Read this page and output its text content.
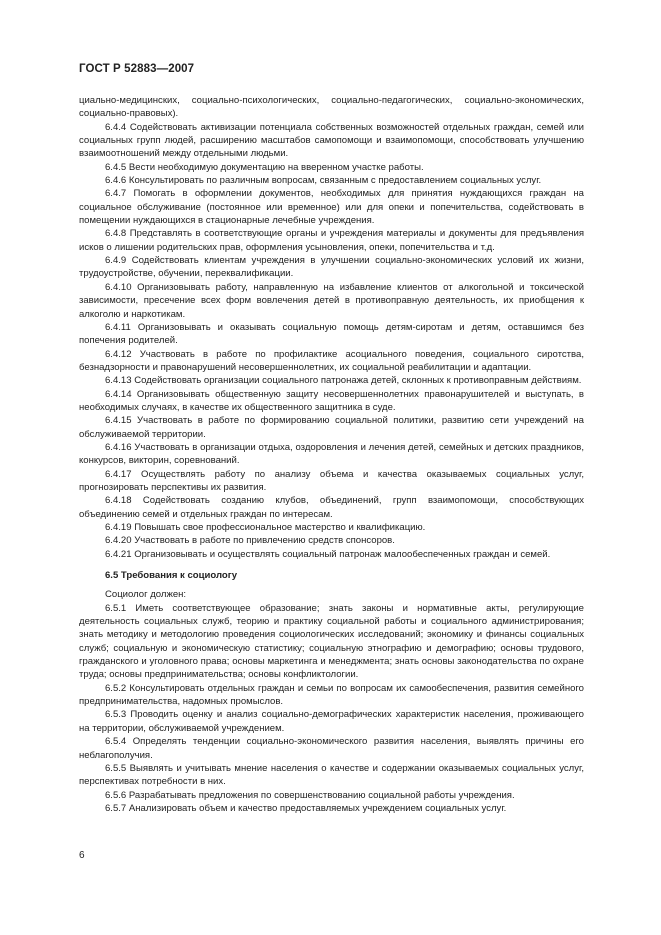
ГОСТ Р 52883—2007

циально-медицинских, социально-психологических, социально-педагогических, социально-экономических, социально-правовых).

6.4.4 Содействовать активизации потенциала собственных возможностей отдельных граждан, семей или социальных групп людей, расширению масштабов самопомощи и взаимопомощи, способствовать улучшению взаимоотношений между отдельными людьми.

6.4.5 Вести необходимую документацию на вверенном участке работы.

6.4.6 Консультировать по различным вопросам, связанным с предоставлением социальных услуг.

6.4.7 Помогать в оформлении документов, необходимых для принятия нуждающихся граждан на социальное обслуживание (постоянное или временное) или для опеки и попечительства, содействовать в помещении нуждающихся в стационарные лечебные учреждения.

6.4.8 Представлять в соответствующие органы и учреждения материалы и документы для предъявления исков о лишении родительских прав, оформления усыновления, опеки, попечительства и т.д.

6.4.9 Содействовать клиентам учреждения в улучшении социально-экономических условий их жизни, трудоустройстве, обучении, переквалификации.

6.4.10 Организовывать работу, направленную на избавление клиентов от алкогольной и токсической зависимости, пресечение всех форм вовлечения детей в противоправную деятельность, их приобщения к алкоголю и наркотикам.

6.4.11 Организовывать и оказывать социальную помощь детям-сиротам и детям, оставшимся без попечения родителей.

6.4.12 Участвовать в работе по профилактике асоциального поведения, социального сиротства, безнадзорности и правонарушений несовершеннолетних, их социальной реабилитации и адаптации.

6.4.13 Содействовать организации социального патронажа детей, склонных к противоправным действиям.

6.4.14 Организовывать общественную защиту несовершеннолетних правонарушителей и выступать, в необходимых случаях, в качестве их общественного защитника в суде.

6.4.15 Участвовать в работе по формированию социальной политики, развитию сети учреждений на обслуживаемой территории.

6.4.16 Участвовать в организации отдыха, оздоровления и лечения детей, семейных и детских праздников, конкурсов, викторин, соревнований.

6.4.17 Осуществлять работу по анализу объема и качества оказываемых социальных услуг, прогнозировать перспективы их развития.

6.4.18 Содействовать созданию клубов, объединений, групп взаимопомощи, способствующих объединению семей и отдельных граждан по интересам.

6.4.19 Повышать свое профессиональное мастерство и квалификацию.

6.4.20 Участвовать в работе по привлечению средств спонсоров.

6.4.21 Организовывать и осуществлять социальный патронаж малообеспеченных граждан и семей.

6.5 Требования к социологу

Социолог должен:

6.5.1 Иметь соответствующее образование; знать законы и нормативные акты, регулирующие деятельность социальных служб, теорию и практику социальной работы и социального администрирования; знать методику и методологию проведения социологических исследований; экономику и финансы социальных служб; социальную и экономическую статистику; социальную этнографию и демографию; основы трудового, гражданского и уголовного права; основы маркетинга и менеджмента; знать основы законодательства по охране труда; основы предпринимательства; основы конфликтологии.

6.5.2 Консультировать отдельных граждан и семьи по вопросам их самообеспечения, развития семейного предпринимательства, надомных промыслов.

6.5.3 Проводить оценку и анализ социально-демографических характеристик населения, проживающего на территории, обслуживаемой учреждением.

6.5.4 Определять тенденции социально-экономического развития населения, выявлять причины его неблагополучия.

6.5.5 Выявлять и учитывать мнение населения о качестве и содержании оказываемых социальных услуг, перспективах потребности в них.

6.5.6 Разрабатывать предложения по совершенствованию социальной работы учреждения.

6.5.7 Анализировать объем и качество предоставляемых учреждением социальных услуг.

6
